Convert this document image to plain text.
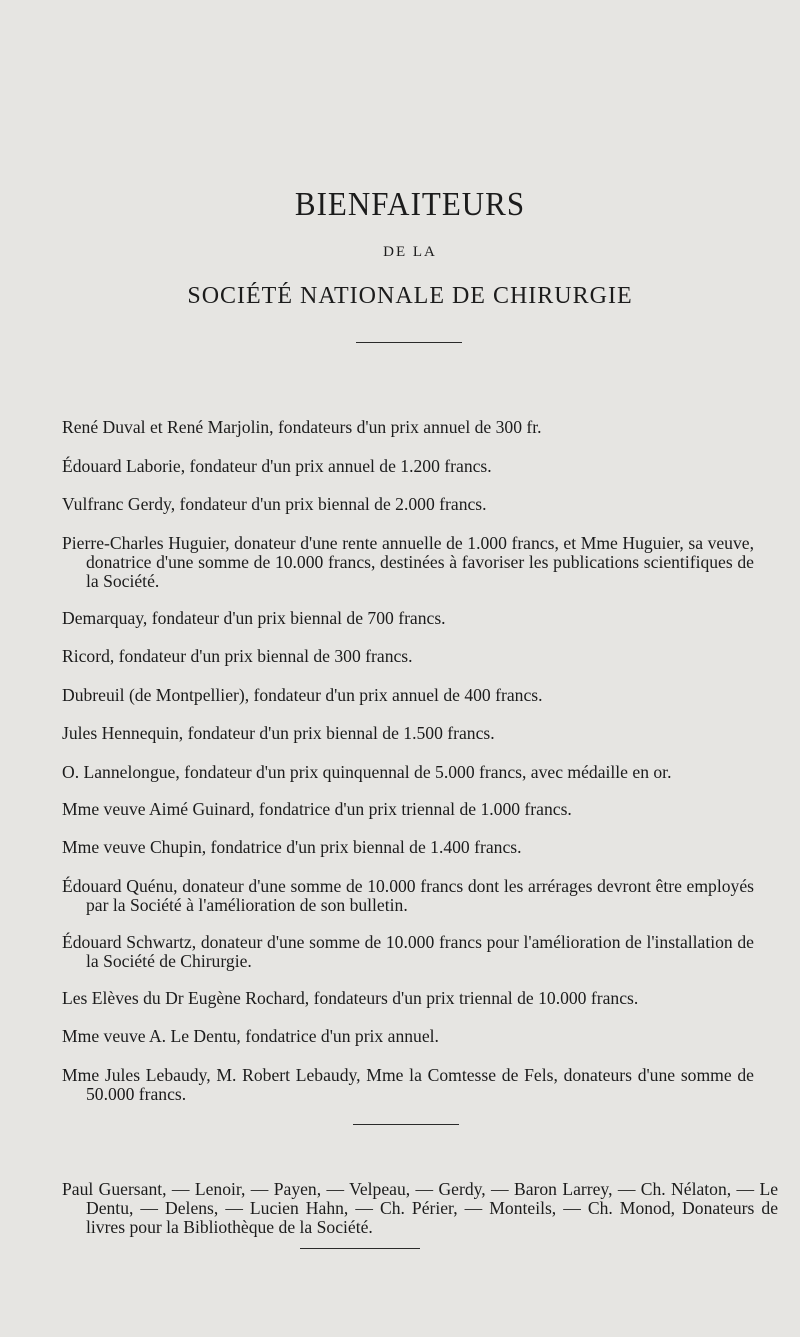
BIENFAITEURS
DE LA
SOCIÉTÉ NATIONALE DE CHIRURGIE

René Duval et René Marjolin, fondateurs d'un prix annuel de 300 fr.

Édouard Laborie, fondateur d'un prix annuel de 1.200 francs.

Vulfranc Gerdy, fondateur d'un prix biennal de 2.000 francs.

Pierre-Charles Huguier, donateur d'une rente annuelle de 1.000 francs, et Mme Huguier, sa veuve, donatrice d'une somme de 10.000 francs, destinées à favoriser les publications scientifiques de la Société.

Demarquay, fondateur d'un prix biennal de 700 francs.

Ricord, fondateur d'un prix biennal de 300 francs.

Dubreuil (de Montpellier), fondateur d'un prix annuel de 400 francs.

Jules Hennequin, fondateur d'un prix biennal de 1.500 francs.

O. Lannelongue, fondateur d'un prix quinquennal de 5.000 francs, avec médaille en or.

Mme veuve Aimé Guinard, fondatrice d'un prix triennal de 1.000 francs.

Mme veuve Chupin, fondatrice d'un prix biennal de 1.400 francs.

Édouard Quénu, donateur d'une somme de 10.000 francs dont les arrérages devront être employés par la Société à l'amélioration de son bulletin.

Édouard Schwartz, donateur d'une somme de 10.000 francs pour l'amélioration de l'installation de la Société de Chirurgie.

Les Elèves du Dr Eugène Rochard, fondateurs d'un prix triennal de 10.000 francs.

Mme veuve A. Le Dentu, fondatrice d'un prix annuel.

Mme Jules Lebaudy, M. Robert Lebaudy, Mme la Comtesse de Fels, donateurs d'une somme de 50.000 francs.

Paul Guersant, — Lenoir, — Payen, — Velpeau, — Gerdy, — Baron Larrey, — Ch. Nélaton, — Le Dentu, — Delens, — Lucien Hahn, — Ch. Périer, — Monteils, — Ch. Monod, Donateurs de livres pour la Bibliothèque de la Société.
